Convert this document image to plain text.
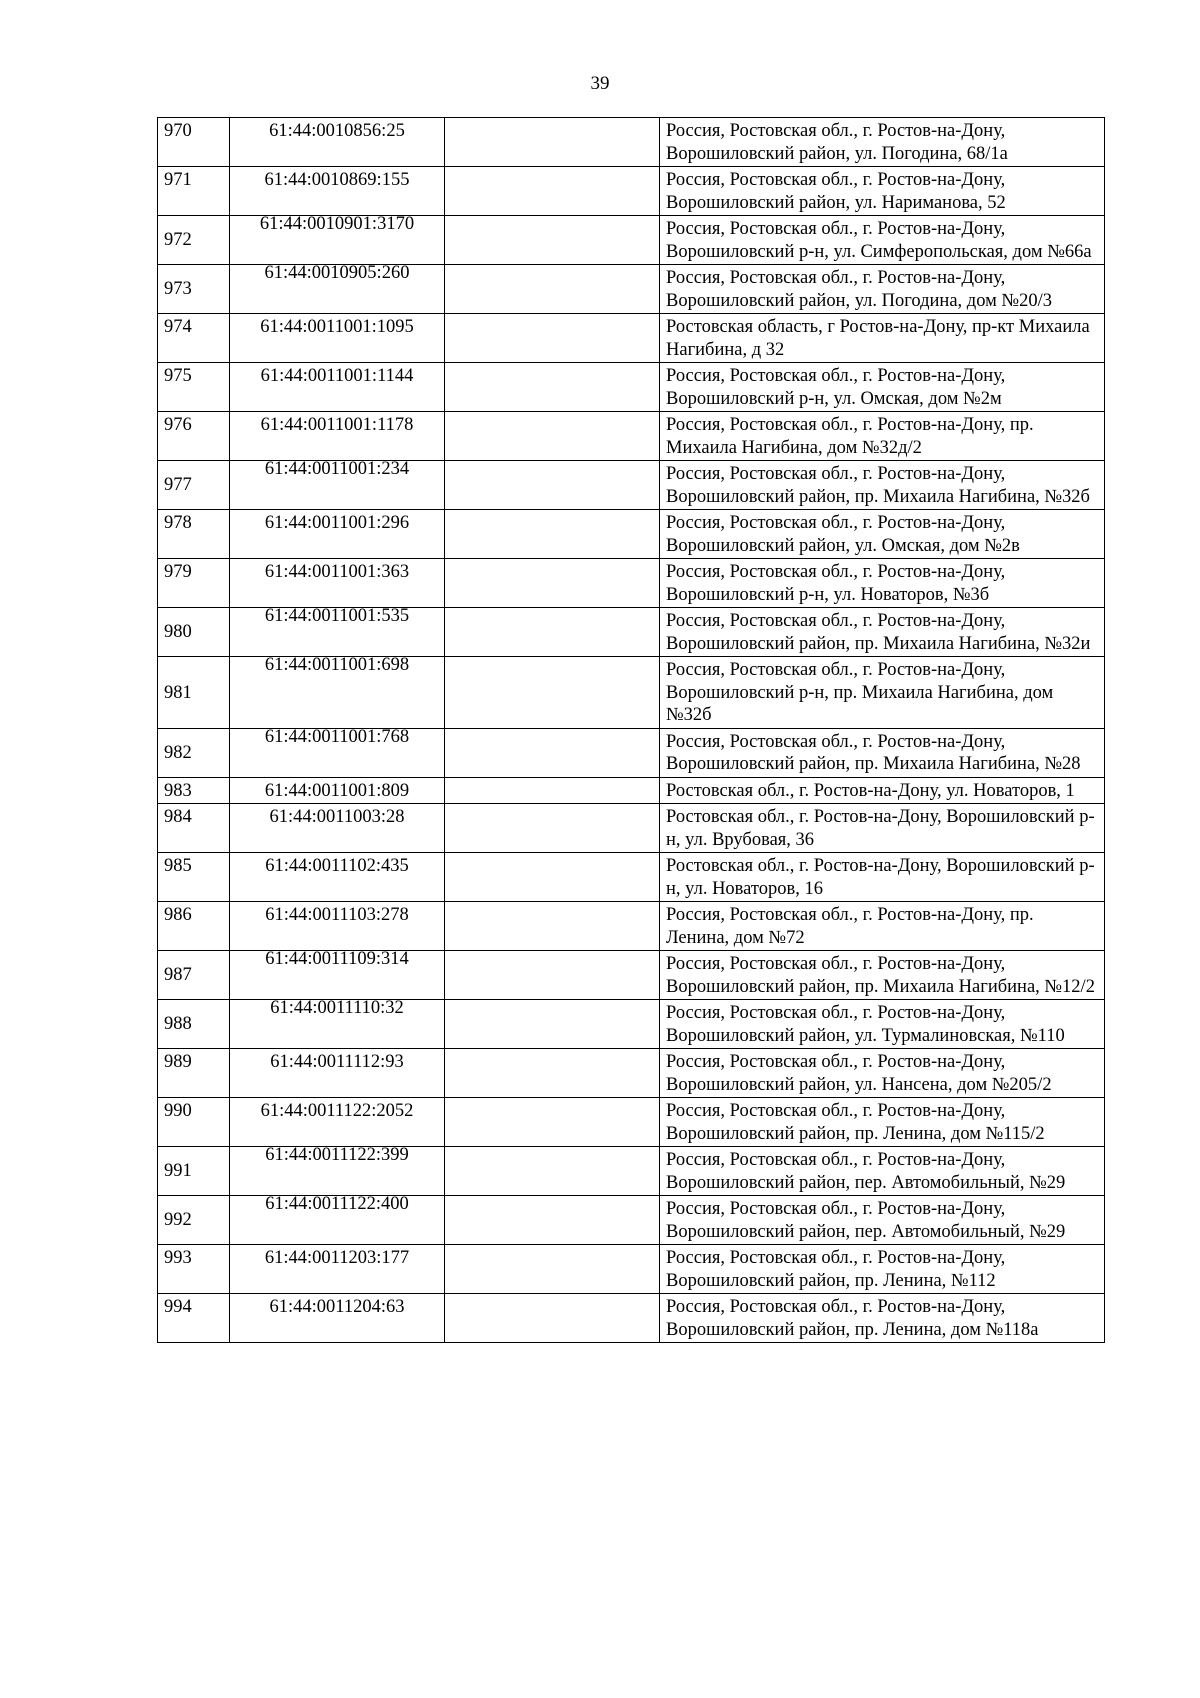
39
970	61:44:0010856:25		Россия, Ростовская обл., г. Ростов-на-Дону, Ворошиловский район, ул. Погодина, 68/1а
971	61:44:0010869:155		Россия, Ростовская обл., г. Ростов-на-Дону, Ворошиловский район, ул. Нариманова, 52
972	61:44:0010901:3170		Россия, Ростовская обл., г. Ростов-на-Дону, Ворошиловский р-н, ул. Симферопольская, дом №66а
973	61:44:0010905:260		Россия, Ростовская обл., г. Ростов-на-Дону, Ворошиловский район, ул. Погодина, дом №20/3
974	61:44:0011001:1095		Ростовская область, г Ростов-на-Дону, пр-кт Михаила Нагибина, д 32
975	61:44:0011001:1144		Россия, Ростовская обл., г. Ростов-на-Дону, Ворошиловский р-н, ул. Омская, дом №2м
976	61:44:0011001:1178		Россия, Ростовская обл., г. Ростов-на-Дону, пр. Михаила Нагибина, дом №32д/2
977	61:44:0011001:234		Россия, Ростовская обл., г. Ростов-на-Дону, Ворошиловский район, пр. Михаила Нагибина, №32б
978	61:44:0011001:296		Россия, Ростовская обл., г. Ростов-на-Дону, Ворошиловский район, ул. Омская, дом №2в
979	61:44:0011001:363		Россия, Ростовская обл., г. Ростов-на-Дону, Ворошиловский р-н, ул. Новаторов, №3б
980	61:44:0011001:535		Россия, Ростовская обл., г. Ростов-на-Дону, Ворошиловский район, пр. Михаила Нагибина, №32и
981	61:44:0011001:698		Россия, Ростовская обл., г. Ростов-на-Дону, Ворошиловский р-н, пр. Михаила Нагибина, дом №32б
982	61:44:0011001:768		Россия, Ростовская обл., г. Ростов-на-Дону, Ворошиловский район, пр. Михаила Нагибина, №28
983	61:44:0011001:809		Ростовская обл., г. Ростов-на-Дону, ул. Новаторов, 1
984	61:44:0011003:28		Ростовская обл., г. Ростов-на-Дону, Ворошиловский р-н, ул. Врубовая, 36
985	61:44:0011102:435		Ростовская обл., г. Ростов-на-Дону, Ворошиловский р-н, ул. Новаторов, 16
986	61:44:0011103:278		Россия, Ростовская обл., г. Ростов-на-Дону, пр. Ленина, дом №72
987	61:44:0011109:314		Россия, Ростовская обл., г. Ростов-на-Дону, Ворошиловский район, пр. Михаила Нагибина, №12/2
988	61:44:0011110:32		Россия, Ростовская обл., г. Ростов-на-Дону, Ворошиловский район, ул. Турмалиновская, №110
989	61:44:0011112:93		Россия, Ростовская обл., г. Ростов-на-Дону, Ворошиловский район, ул. Нансена, дом №205/2
990	61:44:0011122:2052		Россия, Ростовская обл., г. Ростов-на-Дону, Ворошиловский район, пр. Ленина, дом №115/2
991	61:44:0011122:399		Россия, Ростовская обл., г. Ростов-на-Дону, Ворошиловский район, пер. Автомобильный, №29
992	61:44:0011122:400		Россия, Ростовская обл., г. Ростов-на-Дону, Ворошиловский район, пер. Автомобильный, №29
993	61:44:0011203:177		Россия, Ростовская обл., г. Ростов-на-Дону, Ворошиловский район, пр. Ленина, №112
994	61:44:0011204:63		Россия, Ростовская обл., г. Ростов-на-Дону, Ворошиловский район, пр. Ленина, дом №118а
